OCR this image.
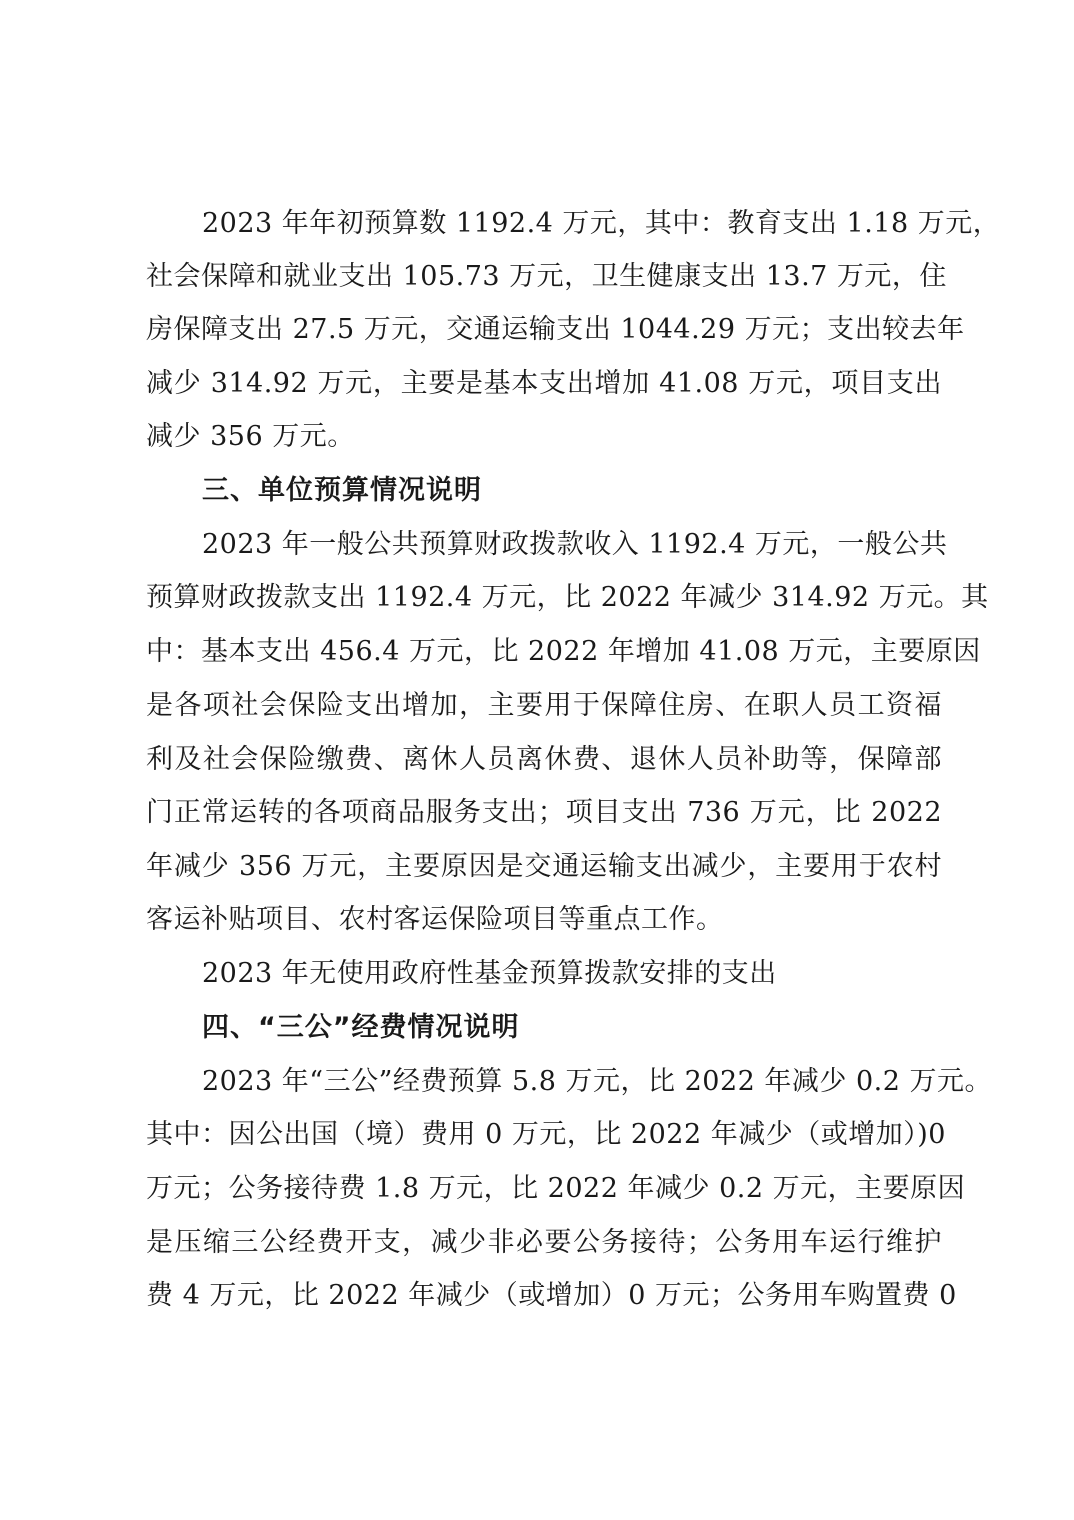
2023 年年初预算数 1192.4 万元，其中：教育支出 1.18 万元，
社会保障和就业支出 105.73 万元，卫生健康支出 13.7 万元，住
房保障支出 27.5 万元，交通运输支出 1044.29 万元；支出较去年
减少 314.92 万元，主要是基本支出增加 41.08 万元，项目支出
减少 356 万元。
三、单位预算情况说明
2023 年一般公共预算财政拨款收入 1192.4 万元，一般公共
预算财政拨款支出 1192.4 万元，比 2022 年减少 314.92 万元。其
中：基本支出 456.4 万元，比 2022 年增加 41.08 万元，主要原因
是各项社会保险支出增加，主要用于保障住房、在职人员工资福
利及社会保险缴费、离休人员离休费、退休人员补助等，保障部
门正常运转的各项商品服务支出；项目支出 736 万元，比 2022
年减少 356 万元，主要原因是交通运输支出减少，主要用于农村
客运补贴项目、农村客运保险项目等重点工作。
2023 年无使用政府性基金预算拨款安排的支出
四、“三公”经费情况说明
2023 年“三公”经费预算 5.8 万元，比 2022 年减少 0.2 万元。
其中：因公出国（境）费用 0 万元，比 2022 年减少（或增加）)0
万元；公务接待费 1.8 万元，比 2022 年减少 0.2 万元，主要原因
是压缩三公经费开支，减少非必要公务接待；公务用车运行维护
费 4 万元，比 2022 年减少（或增加）0 万元；公务用车购置费 0
